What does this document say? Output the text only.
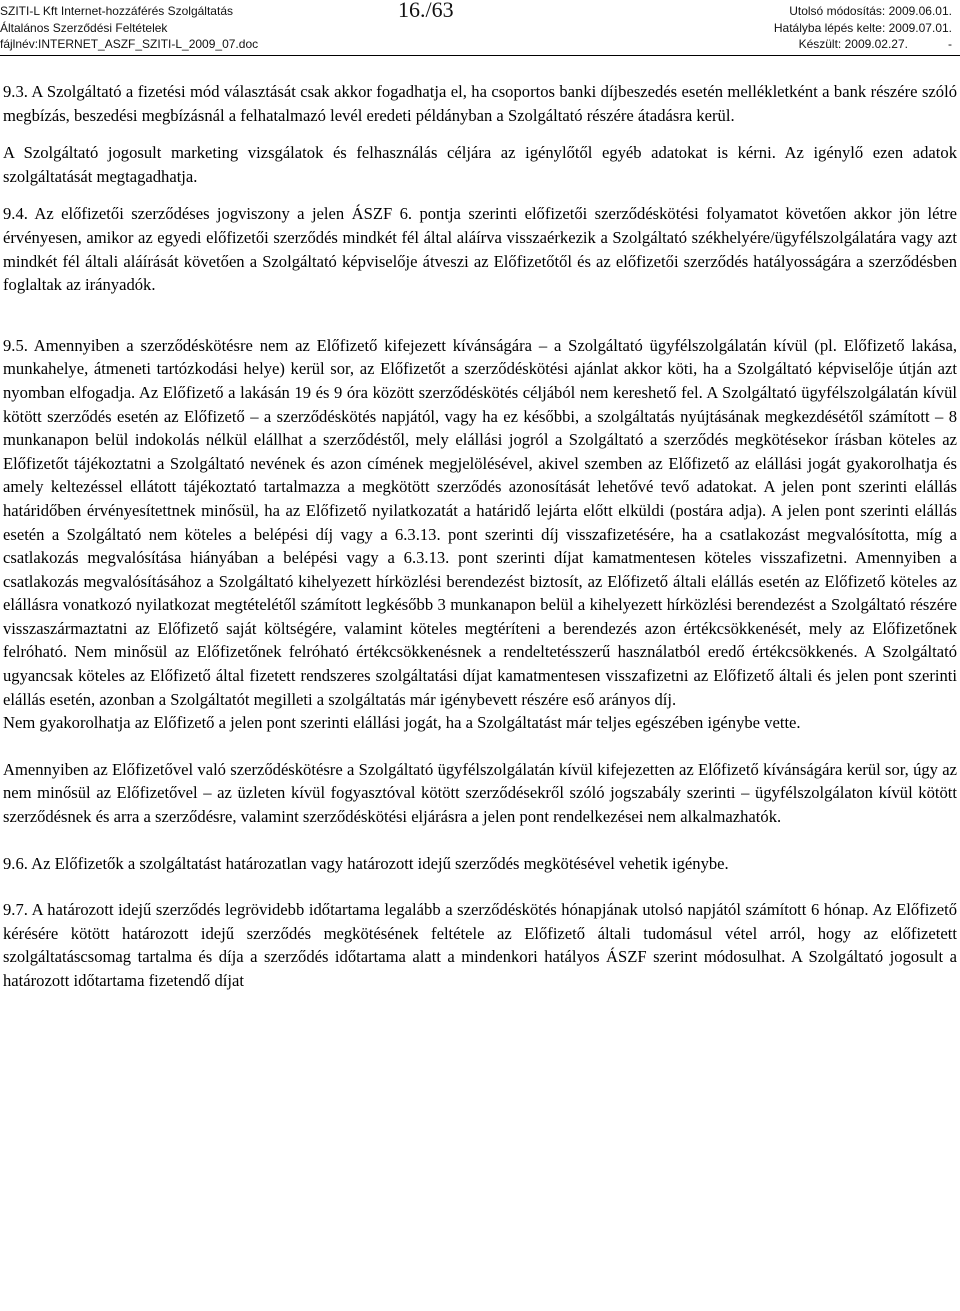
SZITI-L Kft Internet-hozzáférés Szolgáltatás	Utolsó módosítás: 2009.06.01.
Általános Szerződési Feltételek	Hatályba lépés kelte: 2009.07.01.
fájlnév:INTERNET_ASZF_SZITI-L_2009_07.doc	Készült: 2009.02.27.	-
16./63

9.3. A Szolgáltató a fizetési mód választását csak akkor fogadhatja el, ha csoportos banki díjbeszedés esetén mellékletként a bank részére szóló megbízás, beszedési megbízásnál a felhatalmazó levél eredeti példányban a Szolgáltató részére átadásra kerül.

A Szolgáltató jogosult marketing vizsgálatok és felhasználás céljára az igénylőtől egyéb adatokat is kérni. Az igénylő ezen adatok szolgáltatását megtagadhatja.

9.4. Az előfizetői szerződéses jogviszony a jelen ÁSZF 6. pontja szerinti előfizetői szerződéskötési folyamatot követően akkor jön létre érvényesen, amikor az egyedi előfizetői szerződés mindkét fél által aláírva visszaérkezik a Szolgáltató székhelyére/ügyfélszolgálatára vagy azt mindkét fél általi aláírását követően a Szolgáltató képviselője átveszi az Előfizetőtől és az előfizetői szerződés hatályosságára a szerződésben foglaltak az irányadók.

9.5. Amennyiben a szerződéskötésre nem az Előfizető kifejezett kívánságára – a Szolgáltató ügyfélszolgálatán kívül (pl. Előfizető lakása, munkahelye, átmeneti tartózkodási helye) kerül sor, az Előfizetőt a szerződéskötési ajánlat akkor köti, ha a Szolgáltató képviselője útján azt nyomban elfogadja. Az Előfizető a lakásán 19 és 9 óra között szerződéskötés céljából nem kereshető fel. A Szolgáltató ügyfélszolgálatán kívül kötött szerződés esetén az Előfizető – a szerződéskötés napjától, vagy ha ez későbbi, a szolgáltatás nyújtásának megkezdésétől számított – 8 munkanapon belül indokolás nélkül elállhat a szerződéstől, mely elállási jogról a Szolgáltató a szerződés megkötésekor írásban köteles az Előfizetőt tájékoztatni a Szolgáltató nevének és azon címének megjelölésével, akivel szemben az Előfizető az elállási jogát gyakorolhatja és amely keltezéssel ellátott tájékoztató tartalmazza a megkötött szerződés azonosítását lehetővé tevő adatokat. A jelen pont szerinti elállás határidőben érvényesítettnek minősül, ha az Előfizető nyilatkozatát a határidő lejárta előtt elküldi (postára adja). A jelen pont szerinti elállás esetén a Szolgáltató nem köteles a belépési díj vagy a 6.3.13. pont szerinti díj visszafizetésére, ha a csatlakozást megvalósította, míg a csatlakozás megvalósítása hiányában a belépési vagy a 6.3.13. pont szerinti díjat kamatmentesen köteles visszafizetni. Amennyiben a csatlakozás megvalósításához a Szolgáltató kihelyezett hírközlési berendezést biztosít, az Előfizető általi elállás esetén az Előfizető köteles az elállásra vonatkozó nyilatkozat megtételétől számított legkésőbb 3 munkanapon belül a kihelyezett hírközlési berendezést a Szolgáltató részére visszaszármaztatni az Előfizető saját költségére, valamint köteles megtéríteni a berendezés azon értékcsökkenését, mely az Előfizetőnek felróható. Nem minősül az Előfizetőnek felróható értékcsökkenésnek a rendeltetésszerű használatból eredő értékcsökkenés. A Szolgáltató ugyancsak köteles az Előfizető által fizetett rendszeres szolgáltatási díjat kamatmentesen visszafizetni az Előfizető általi és jelen pont szerinti elállás esetén, azonban a Szolgáltatót megilleti a szolgáltatás már igénybevett részére eső arányos díj.

Nem gyakorolhatja az Előfizető a jelen pont szerinti elállási jogát, ha a Szolgáltatást már teljes egészében igénybe vette.

Amennyiben az Előfizetővel való szerződéskötésre a Szolgáltató ügyfélszolgálatán kívül kifejezetten az Előfizető kívánságára kerül sor, úgy az nem minősül az Előfizetővel – az üzleten kívül fogyasztóval kötött szerződésekről szóló jogszabály szerinti – ügyfélszolgálaton kívül kötött szerződésnek és arra a szerződésre, valamint szerződéskötési eljárásra a jelen pont rendelkezései nem alkalmazhatók.

9.6. Az Előfizetők a szolgáltatást határozatlan vagy határozott idejű szerződés megkötésével vehetik igénybe.

9.7. A határozott idejű szerződés legrövidebb időtartama legalább a szerződéskötés hónapjának utolsó napjától számított 6 hónap. Az Előfizető kérésére kötött határozott idejű szerződés megkötésének feltétele az Előfizető általi tudomásul vétel arról, hogy az előfizetett szolgáltatáscsomag tartalma és díja a szerződés időtartama alatt a mindenkori hatályos ÁSZF szerint módosulhat. A Szolgáltató jogosult a határozott időtartama fizetendő díjat
